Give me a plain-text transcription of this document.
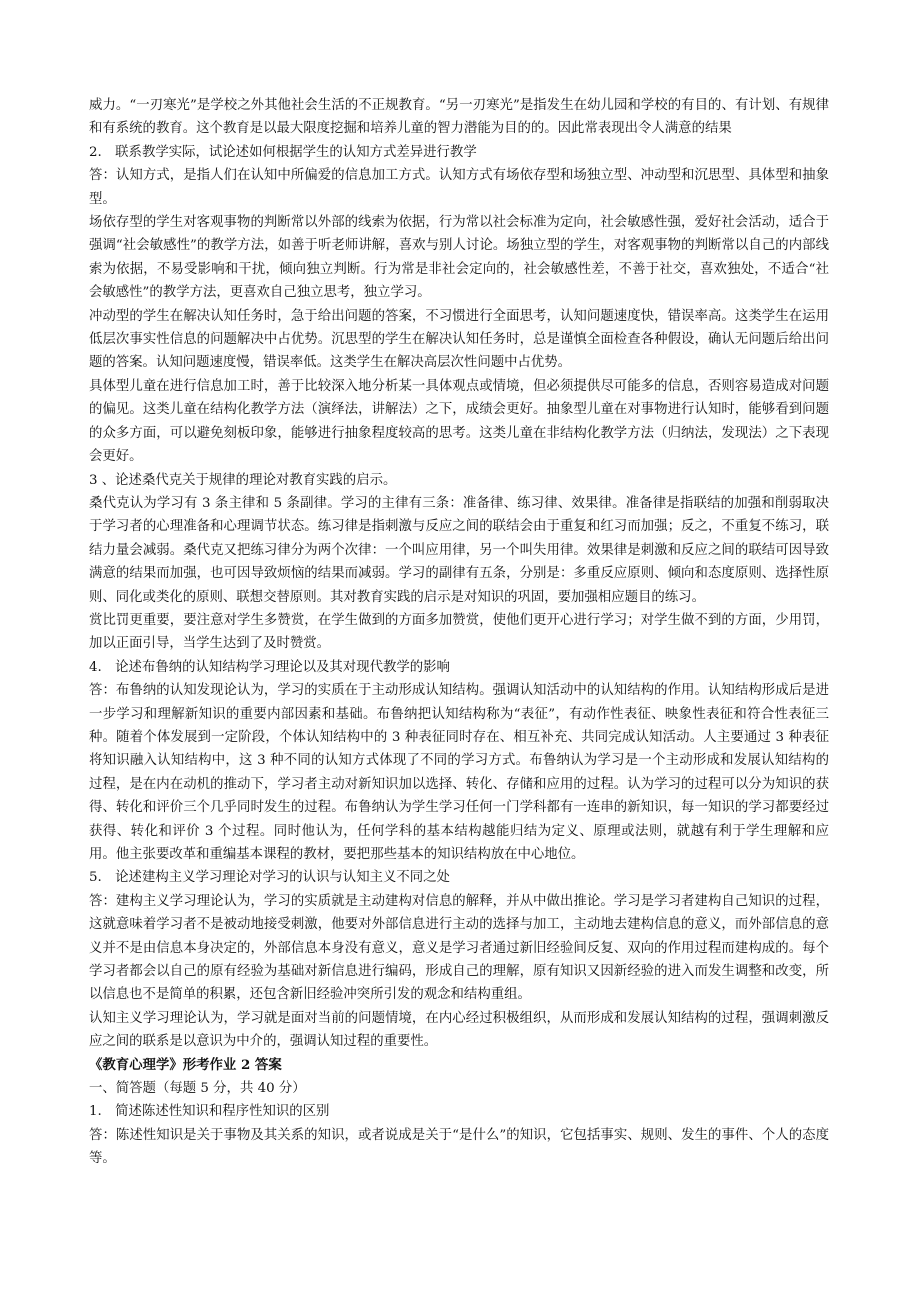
威力。“一刃寒光”是学校之外其他社会生活的不正规教育。“另一刃寒光”是指发生在幼儿园和学校的有目的、有计划、有规律和有系统的教育。这个教育是以最大限度挖掘和培养儿童的智力潜能为目的的。因此常表现出令人满意的结果

2.　联系教学实际，试论述如何根据学生的认知方式差异进行教学

答：认知方式，是指人们在认知中所偏爱的信息加工方式。认知方式有场依存型和场独立型、冲动型和沉思型、具体型和抽象型。

场依存型的学生对客观事物的判断常以外部的线索为依据，行为常以社会标准为定向，社会敏感性强，爱好社会活动，适合于强调“社会敏感性”的教学方法，如善于听老师讲解，喜欢与别人讨论。场独立型的学生，对客观事物的判断常以自己的内部线索为依据，不易受影响和干扰，倾向独立判断。行为常是非社会定向的，社会敏感性差，不善于社交，喜欢独处，不适合“社会敏感性”的教学方法，更喜欢自己独立思考，独立学习。

冲动型的学生在解决认知任务时，急于给出问题的答案，不习惯进行全面思考，认知问题速度快，错误率高。这类学生在运用低层次事实性信息的问题解决中占优势。沉思型的学生在解决认知任务时，总是谨慎全面检查各种假设，确认无问题后给出问题的答案。认知问题速度慢，错误率低。这类学生在解决高层次性问题中占优势。

具体型儿童在进行信息加工时，善于比较深入地分析某一具体观点或情境，但必须提供尽可能多的信息，否则容易造成对问题的偏见。这类儿童在结构化教学方法（演绎法，讲解法）之下，成绩会更好。抽象型儿童在对事物进行认知时，能够看到问题的众多方面，可以避免刻板印象，能够进行抽象程度较高的思考。这类儿童在非结构化教学方法（归纳法，发现法）之下表现会更好。

3 、论述桑代克关于规律的理论对教育实践的启示。

桑代克认为学习有 3 条主律和 5 条副律。学习的主律有三条：准备律、练习律、效果律。准备律是指联结的加强和削弱取决于学习者的心理准备和心理调节状态。练习律是指刺激与反应之间的联结会由于重复和红习而加强；反之，不重复不练习，联结力量会减弱。桑代克又把练习律分为两个次律：一个叫应用律，另一个叫失用律。效果律是刺激和反应之间的联结可因导致满意的结果而加强，也可因导致烦恼的结果而减弱。学习的副律有五条，分别是：多重反应原则、倾向和态度原则、选择性原则、同化或类化的原则、联想交替原则。其对教育实践的启示是对知识的巩固，要加强相应题目的练习。

赏比罚更重要，要注意对学生多赞赏，在学生做到的方面多加赞赏，使他们更开心进行学习；对学生做不到的方面，少用罚，加以正面引导，当学生达到了及时赞赏。

4.　论述布鲁纳的认知结构学习理论以及其对现代教学的影响

答：布鲁纳的认知发现论认为，学习的实质在于主动形成认知结构。强调认知活动中的认知结构的作用。认知结构形成后是进一步学习和理解新知识的重要内部因素和基础。布鲁纳把认知结构称为“表征”，有动作性表征、映象性表征和符合性表征三种。随着个体发展到一定阶段，个体认知结构中的 3 种表征同时存在、相互补充、共同完成认知活动。人主要通过 3 种表征将知识融入认知结构中，这 3 种不同的认知方式体现了不同的学习方式。布鲁纳认为学习是一个主动形成和发展认知结构的过程，是在内在动机的推动下，学习者主动对新知识加以选择、转化、存储和应用的过程。认为学习的过程可以分为知识的获得、转化和评价三个几乎同时发生的过程。布鲁纳认为学生学习任何一门学科都有一连串的新知识，每一知识的学习都要经过获得、转化和评价 3 个过程。同时他认为，任何学科的基本结构越能归结为定义、原理或法则，就越有利于学生理解和应用。他主张要改革和重编基本课程的教材，要把那些基本的知识结构放在中心地位。

5.　论述建构主义学习理论对学习的认识与认知主义不同之处

答：建构主义学习理论认为，学习的实质就是主动建构对信息的解释，并从中做出推论。学习是学习者建构自己知识的过程，这就意味着学习者不是被动地接受刺激，他要对外部信息进行主动的选择与加工，主动地去建构信息的意义，而外部信息的意义并不是由信息本身决定的，外部信息本身没有意义，意义是学习者通过新旧经验间反复、双向的作用过程而建构成的。每个学习者都会以自己的原有经验为基础对新信息进行编码，形成自己的理解，原有知识又因新经验的进入而发生调整和改变，所以信息也不是简单的积累，还包含新旧经验冲突所引发的观念和结构重组。

认知主义学习理论认为，学习就是面对当前的问题情境，在内心经过积极组织，从而形成和发展认知结构的过程，强调刺激反应之间的联系是以意识为中介的，强调认知过程的重要性。

《教育心理学》形考作业 2 答案

一、简答题（每题 5 分，共 40 分）

1.　简述陈述性知识和程序性知识的区别

答：陈述性知识是关于事物及其关系的知识，或者说成是关于“是什么”的知识，它包括事实、规则、发生的事件、个人的态度等。
